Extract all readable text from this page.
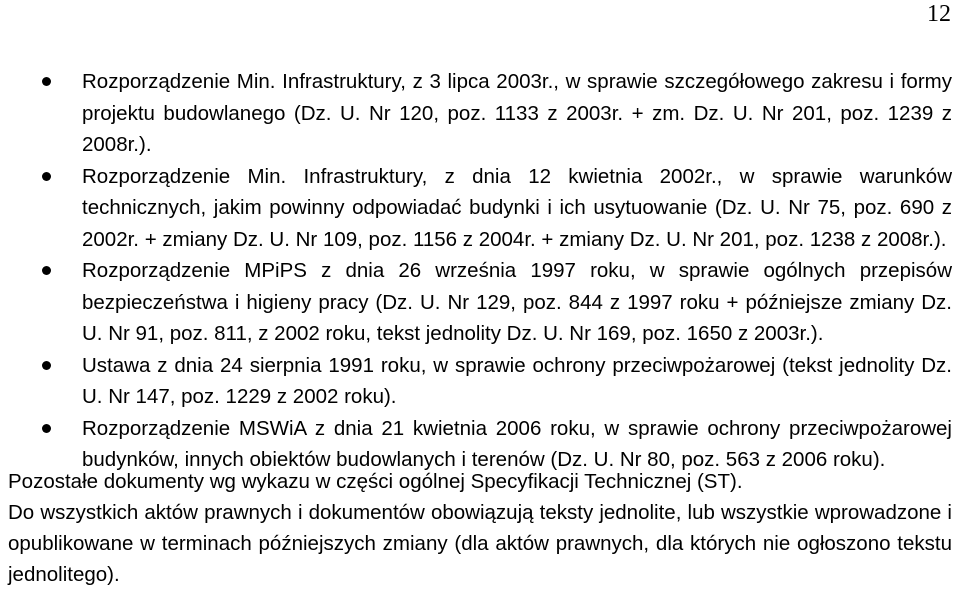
12
Rozporządzenie Min. Infrastruktury, z 3 lipca 2003r., w sprawie szczegółowego zakresu i formy projektu budowlanego (Dz. U. Nr 120, poz. 1133 z 2003r. + zm. Dz. U. Nr 201, poz. 1239 z 2008r.).
Rozporządzenie Min. Infrastruktury, z dnia 12 kwietnia 2002r., w sprawie warunków technicznych, jakim powinny odpowiadać budynki i ich usytuowanie (Dz. U. Nr 75, poz. 690 z 2002r. + zmiany Dz. U. Nr 109, poz. 1156 z 2004r. + zmiany Dz. U. Nr 201, poz. 1238 z 2008r.).
Rozporządzenie MPiPS z dnia 26 września 1997 roku, w sprawie ogólnych przepisów bezpieczeństwa i higieny pracy (Dz. U. Nr 129, poz. 844 z 1997 roku + późniejsze zmiany Dz. U. Nr 91, poz. 811, z 2002 roku, tekst jednolity Dz. U. Nr 169, poz. 1650 z 2003r.).
Ustawa z dnia 24 sierpnia 1991 roku, w sprawie ochrony przeciwpożarowej (tekst jednolity Dz. U. Nr 147, poz. 1229 z 2002 roku).
Rozporządzenie MSWiA z dnia 21 kwietnia 2006 roku, w sprawie ochrony przeciwpożarowej budynków, innych obiektów budowlanych i terenów (Dz. U. Nr 80, poz. 563 z 2006 roku).

Pozostałe dokumenty wg wykazu w części ogólnej Specyfikacji Technicznej (ST).

Do wszystkich aktów prawnych i dokumentów obowiązują teksty jednolite, lub wszystkie wprowadzone i opublikowane w terminach późniejszych zmiany (dla aktów prawnych, dla których nie ogłoszono tekstu jednolitego).
